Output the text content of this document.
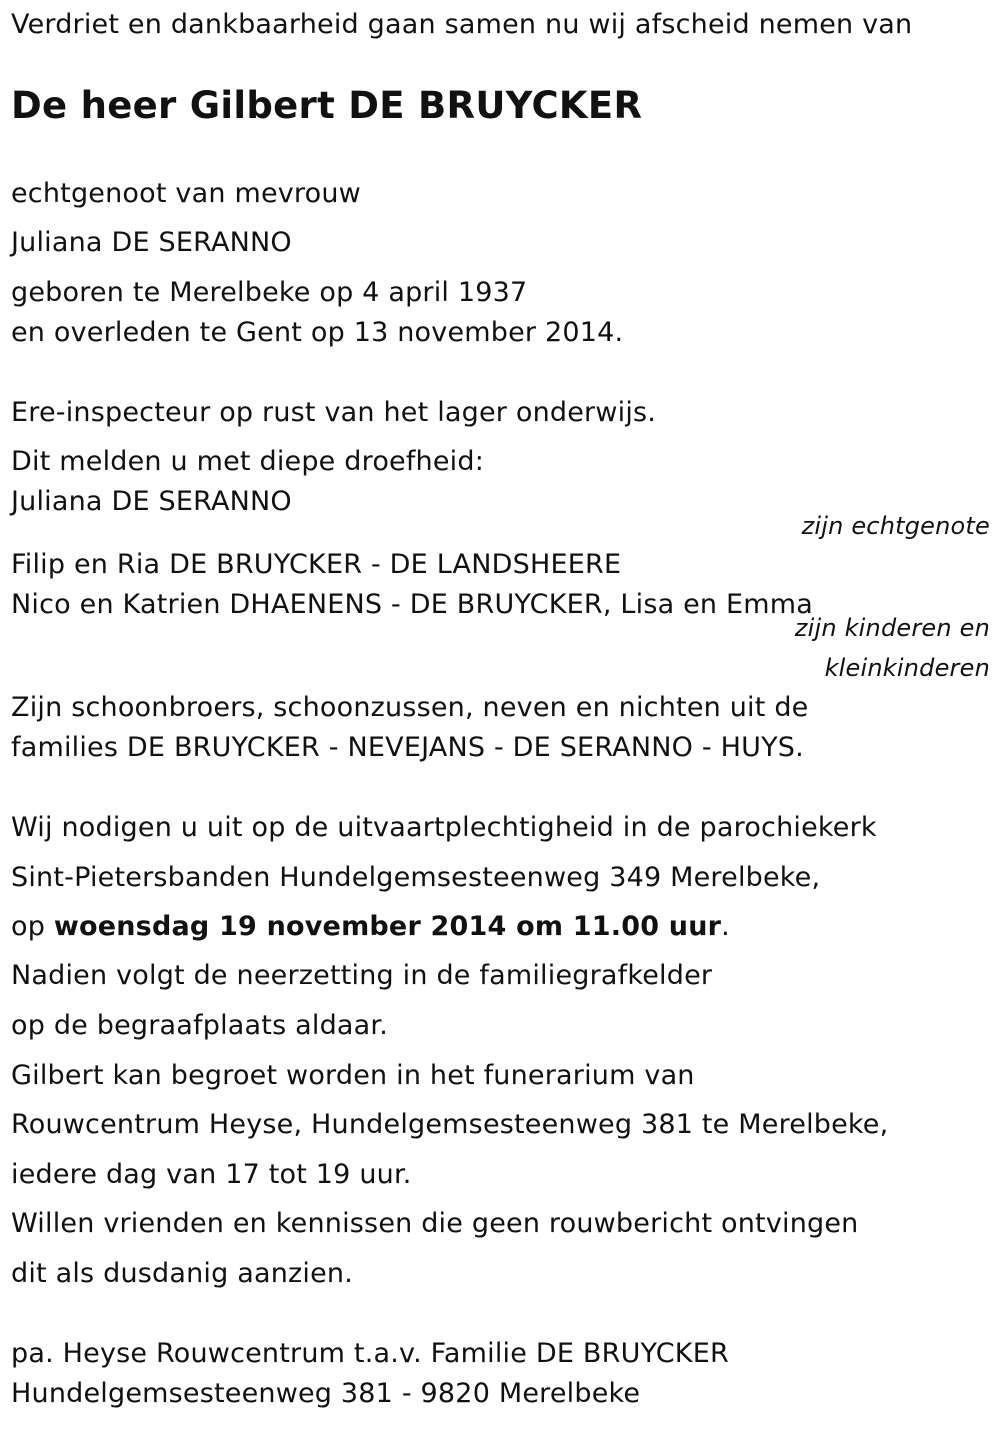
Verdriet en dankbaarheid gaan samen nu wij afscheid nemen van

De heer Gilbert DE BRUYCKER

echtgenoot van mevrouw

Juliana DE SERANNO

geboren te Merelbeke op 4 april 1937

en overleden te Gent op 13 november 2014.

Ere-inspecteur op rust van het lager onderwijs.

Dit melden u met diepe droefheid:

Juliana DE SERANNO

zijn echtgenote

Filip en Ria DE BRUYCKER - DE LANDSHEERE

Nico en Katrien DHAENENS - DE BRUYCKER, Lisa en Emma

zijn kinderen en
kleinkinderen

Zijn schoonbroers, schoonzussen, neven en nichten uit de

families DE BRUYCKER - NEVEJANS - DE SERANNO - HUYS.

Wij nodigen u uit op de uitvaartplechtigheid in de parochiekerk

Sint-Pietersbanden Hundelgemsesteenweg 349 Merelbeke,

op woensdag 19 november 2014 om 11.00 uur.

Nadien volgt de neerzetting in de familiegrafkelder

op de begraafplaats aldaar.

Gilbert kan begroet worden in het funerarium van

Rouwcentrum Heyse, Hundelgemsesteenweg 381 te Merelbeke,

iedere dag van 17 tot 19 uur.

Willen vrienden en kennissen die geen rouwbericht ontvingen

dit als dusdanig aanzien.

pa. Heyse Rouwcentrum t.a.v. Familie DE BRUYCKER

Hundelgemsesteenweg 381 - 9820 Merelbeke
